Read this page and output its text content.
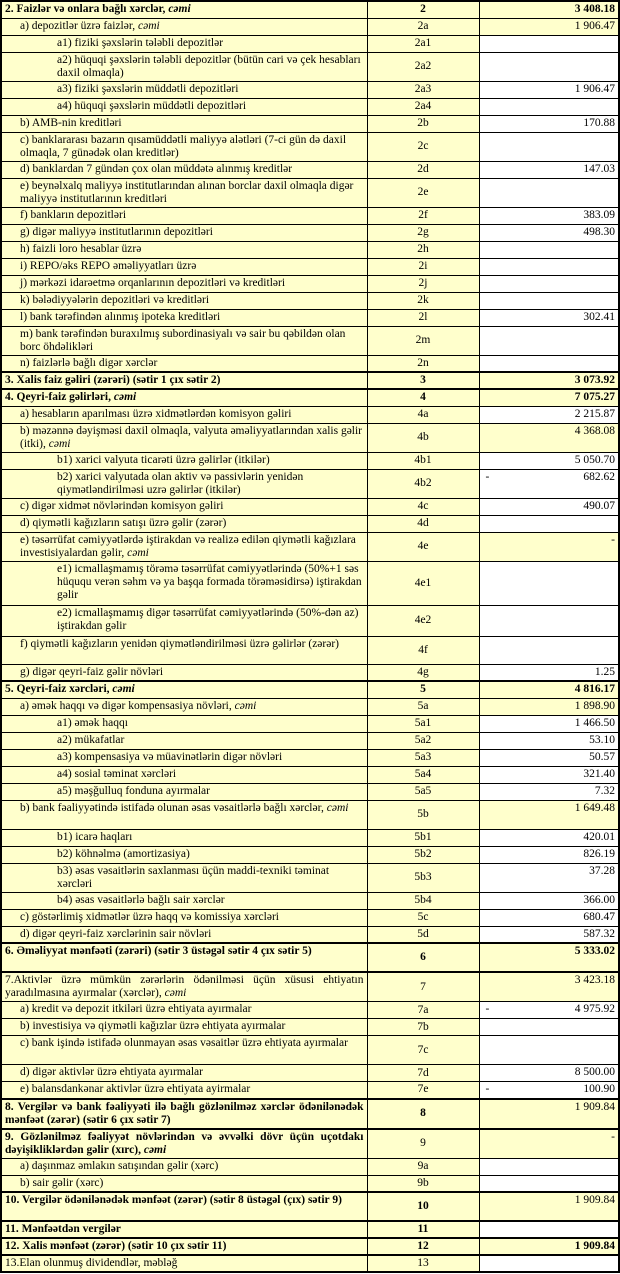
2. Faizlər və onlara bağlı xərclər, cəmi	2	3 408.18
a) depozitlər üzrə faizlər, cəmi	2a	1 906.47
a1) fiziki şəxslərin tələbli depozitlər	2a1	
a2) hüquqi şəxslərin tələbli depozitlər (bütün cari və çek hesabları daxil olmaqla)	2a2	
a3) fiziki şəxslərin müddətli depozitləri	2a3	1 906.47
a4) hüquqi şəxslərin müddətli depozitləri	2a4	
b) AMB-nin kreditləri	2b	170.88
c) banklararası bazarın qısamüddətli maliyyə alətləri (7-ci gün də daxil olmaqla, 7 günədək olan kreditlər)	2c	
d) banklardan 7 gündən çox olan müddətə alınmış kreditlər	2d	147.03
e) beynəlxalq maliyyə institutlarından alınan borclar daxil olmaqla digər maliyyə institutlarının kreditləri	2e	
f) bankların depozitləri	2f	383.09
g) digər maliyyə institutlarının depozitləri	2g	498.30
h) faizli loro hesablar üzrə	2h	
i) REPO/əks REPO əməliyyatları üzrə	2i	
j) mərkəzi idarəetmə orqanlarının depozitləri və kreditləri	2j	
k) bələdiyyələrin depozitləri və kreditləri	2k	
l) bank tərəfindən alınmış ipoteka kreditləri	2l	302.41
m) bank tərəfindən buraxılmış subordinasiyalı və sair bu qəbildən olan borc öhdəlikləri	2m	
n) faizlərlə bağlı digər xərclər	2n	
3. Xalis faiz gəliri (zərəri) (sətir 1 çıx sətir 2)	3	3 073.92
4. Qeyri-faiz gəlirləri, cəmi	4	7 075.27
a) hesabların aparılması üzrə xidmətlərdən komisyon gəliri	4a	2 215.87
b) məzənnə dəyişməsi daxil olmaqla, valyuta əməliyyatlarından xalis gəlir (itki), cəmi	4b	4 368.08
b1) xarici valyuta ticarəti üzrə gəlirlər (itkilər)	4b1	5 050.70
b2) xarici valyutada olan aktiv və passivlərin yenidən qiymətləndirilməsi uzrə gəlirlər (itkilər)	4b2	- 682.62
c) digər xidmət növlərindən komisyon gəliri	4c	490.07
d) qiymətli kağızların satışı üzrə gəlir (zərər)	4d	
e) təsərrüfat cəmiyyətlərdə iştirakdan və realizə edilən qiymətli kağızlara investisiyalardan gəlir, cəmi	4e	-
e1) icmallaşmamış törəmə təsərrüfat cəmiyyətlərində (50%+1 səs hüququ verən səhm və ya başqa formada törəməsidirsə) iştirakdan gəlir	4e1	
e2) icmallaşmamış digər təsərrüfat cəmiyyətlərində (50%-dən az) iştirakdan gəlir	4e2	
f) qiymətli kağızların yenidən qiymətləndirilməsi üzrə gəlirlər (zərər)	4f	
g) digər qeyri-faiz gəlir növləri	4g	1.25
5. Qeyri-faiz xərcləri, cəmi	5	4 816.17
a) əmək haqqı və digər kompensasiya növləri, cəmi	5a	1 898.90
a1) əmək haqqı	5a1	1 466.50
a2) mükafatlar	5a2	53.10
a3) kompensasiya və müavinətlərin digər növləri	5a3	50.57
a4) sosial təminat xərcləri	5a4	321.40
a5) məşğulluq fonduna ayırmalar	5a5	7.32
b) bank fəaliyyətində istifadə olunan əsas vəsaitlərlə bağlı xərclər, cəmi	5b	1 649.48
b1) icarə haqları	5b1	420.01
b2) köhnəlmə (amortizasiya)	5b2	826.19
b3) əsas vəsaitlərin saxlanması üçün maddi-texniki təminat xərcləri	5b3	37.28
b4) əsas vəsaitlərlə bağlı sair xərclər	5b4	366.00
c) göstərlimiş xidmətlər üzrə haqq və komissiya xərcləri	5c	680.47
d) digər qeyri-faiz xərclərinin sair növləri	5d	587.32
6. Əməliyyat mənfəəti (zərəri) (sətir 3 üstəgəl sətir 4 çıx sətir 5)	6	5 333.02
7.Aktivlər üzrə mümkün zərərlərin ödənilməsi üçün xüsusi ehtiyatın yaradılmasına ayırmalar (xərclər), cəmi	7	3 423.18
a) kredit və depozit itkiləri üzrə ehtiyata ayırmalar	7a	- 4 975.92
b) investisiya və qiymətli kağızlar üzrə ehtiyata ayırmalar	7b	
c) bank işində istifadə olunmayan əsas vəsaitlər üzrə ehtiyata ayırmalar	7c	
d) digər aktivlər üzrə ehtiyata ayırmalar	7d	8 500.00
e) balansdankənar aktivlər üzrə ehtiyata ayirmalar	7e	- 100.90
8. Vergilər və bank fəaliyyəti ilə bağlı gözlənilməz xərclər ödənilənədək mənfəət (zərər) (sətir 6 çıx sətir 7)	8	1 909.84
9. Gözlənilməz fəaliyyət növlərindən və əvvəlki dövr üçün uçotdakı dəyişikliklərdən gəlir (xırc), cəmi	9	-
a) daşınmaz əmlakın satışından gəlir (xərc)	9a	
b) sair gəlir (xərc)	9b	
10. Vergilər ödənilənədək mənfəət (zərər) (sətir 8 üstəgəl (çıx) sətir 9)	10	1 909.84
11. Mənfəətdən vergilər	11	
12. Xalis mənfəət (zərər) (sətir 10 çıx sətir 11)	12	1 909.84
13.Elan olunmuş dividendlər, məbləğ	13	
